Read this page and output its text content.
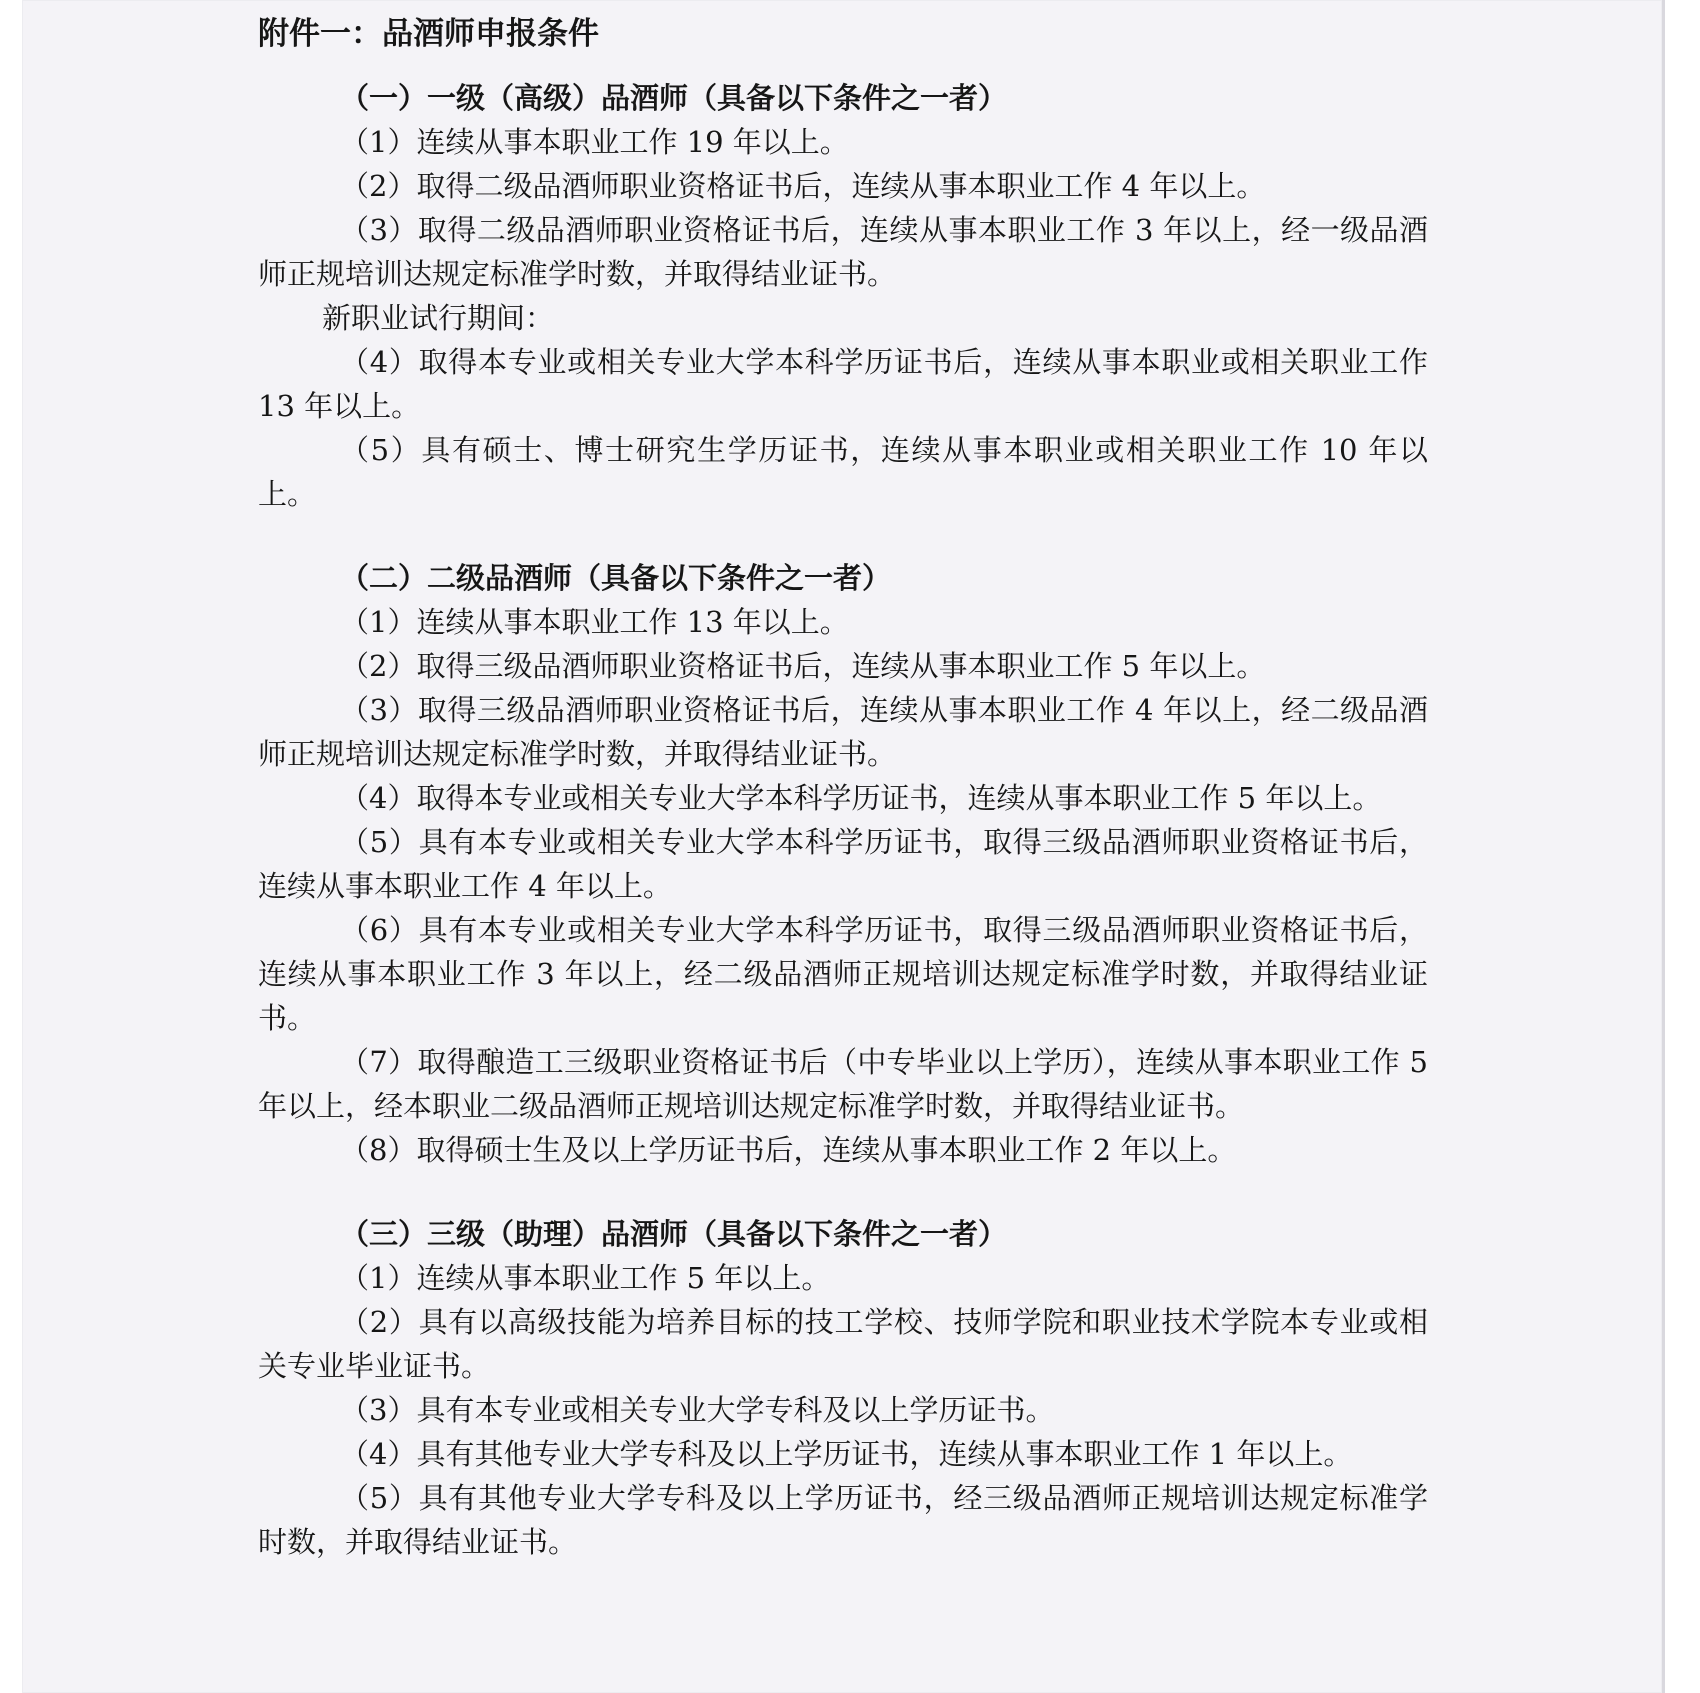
附件一：品酒师申报条件

（一）一级（高级）品酒师（具备以下条件之一者）

（1）连续从事本职业工作 19 年以上。

（2）取得二级品酒师职业资格证书后，连续从事本职业工作 4 年以上。

（3）取得二级品酒师职业资格证书后，连续从事本职业工作 3 年以上，经一级品酒师正规培训达规定标准学时数，并取得结业证书。

新职业试行期间：

（4）取得本专业或相关专业大学本科学历证书后，连续从事本职业或相关职业工作 13 年以上。

（5）具有硕士、博士研究生学历证书，连续从事本职业或相关职业工作 10 年以上。

（二）二级品酒师（具备以下条件之一者）

（1）连续从事本职业工作 13 年以上。

（2）取得三级品酒师职业资格证书后，连续从事本职业工作 5 年以上。

（3）取得三级品酒师职业资格证书后，连续从事本职业工作 4 年以上，经二级品酒师正规培训达规定标准学时数，并取得结业证书。

（4）取得本专业或相关专业大学本科学历证书，连续从事本职业工作 5 年以上。

（5）具有本专业或相关专业大学本科学历证书，取得三级品酒师职业资格证书后，连续从事本职业工作 4 年以上。

（6）具有本专业或相关专业大学本科学历证书，取得三级品酒师职业资格证书后，连续从事本职业工作 3 年以上，经二级品酒师正规培训达规定标准学时数，并取得结业证书。

（7）取得酿造工三级职业资格证书后（中专毕业以上学历），连续从事本职业工作 5 年以上，经本职业二级品酒师正规培训达规定标准学时数，并取得结业证书。

（8）取得硕士生及以上学历证书后，连续从事本职业工作 2 年以上。

（三）三级（助理）品酒师（具备以下条件之一者）

（1）连续从事本职业工作 5 年以上。

（2）具有以高级技能为培养目标的技工学校、技师学院和职业技术学院本专业或相关专业毕业证书。

（3）具有本专业或相关专业大学专科及以上学历证书。

（4）具有其他专业大学专科及以上学历证书，连续从事本职业工作 1 年以上。

（5）具有其他专业大学专科及以上学历证书，经三级品酒师正规培训达规定标准学时数，并取得结业证书。
